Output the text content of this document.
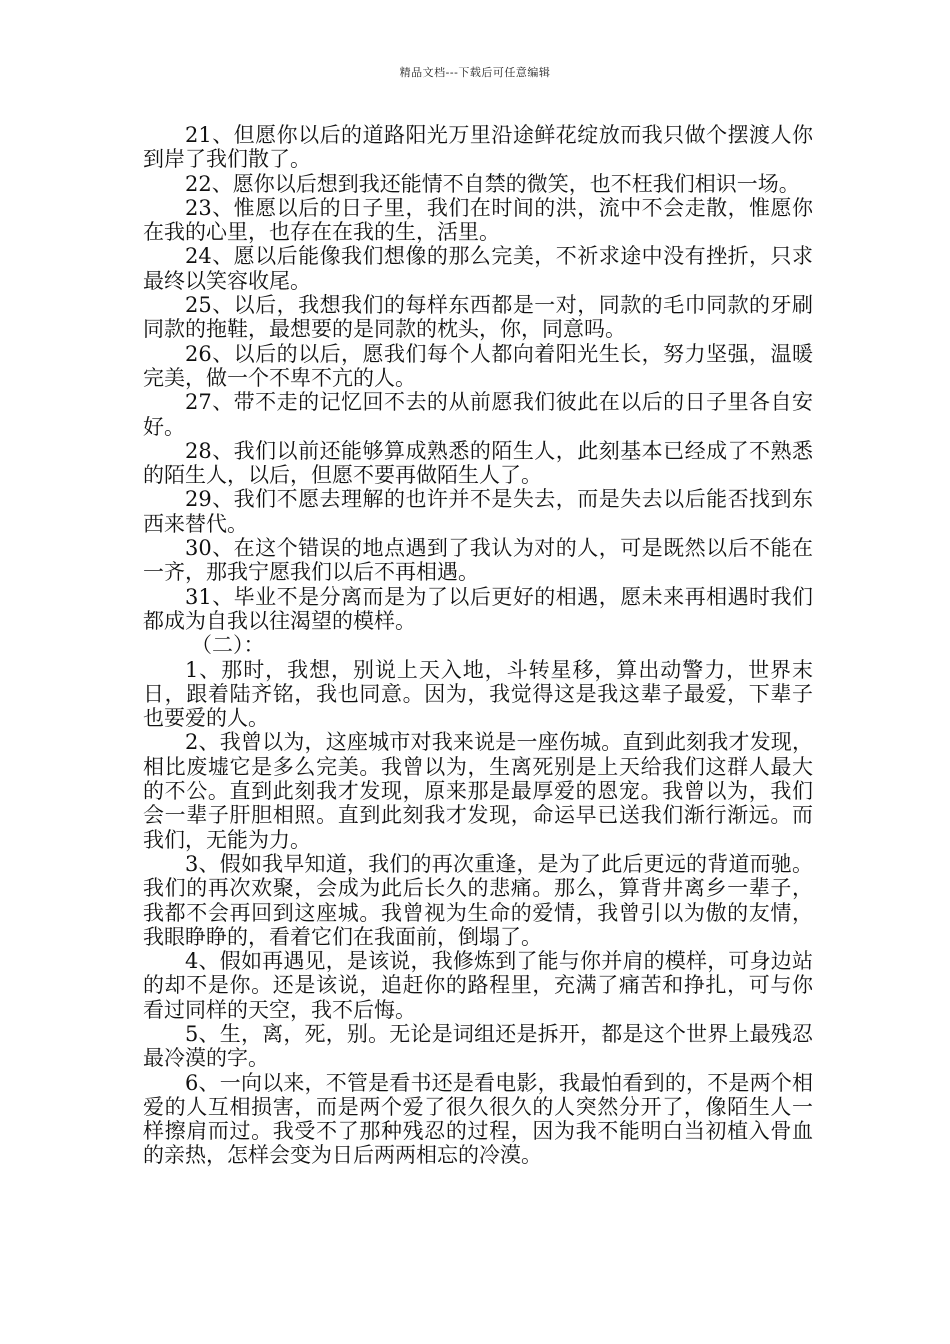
精品文档---下载后可任意编辑

21、但愿你以后的道路阳光万里沿途鲜花绽放而我只做个摆渡人你到岸了我们散了。

22、愿你以后想到我还能情不自禁的微笑，也不枉我们相识一场。

23、惟愿以后的日子里，我们在时间的洪，流中不会走散，惟愿你在我的心里，也存在在我的生，活里。

24、愿以后能像我们想像的那么完美，不祈求途中没有挫折，只求最终以笑容收尾。

25、以后，我想我们的每样东西都是一对，同款的毛巾同款的牙刷同款的拖鞋，最想要的是同款的枕头，你，同意吗。

26、以后的以后，愿我们每个人都向着阳光生长，努力坚强，温暖完美，做一个不卑不亢的人。

27、带不走的记忆回不去的从前愿我们彼此在以后的日子里各自安好。

28、我们以前还能够算成熟悉的陌生人，此刻基本已经成了不熟悉的陌生人，以后，但愿不要再做陌生人了。

29、我们不愿去理解的也许并不是失去，而是失去以后能否找到东西来替代。

30、在这个错误的地点遇到了我认为对的人，可是既然以后不能在一齐，那我宁愿我们以后不再相遇。

31、毕业不是分离而是为了以后更好的相遇，愿未来再相遇时我们都成为自我以往渴望的模样。

（二）：

1、那时，我想，别说上天入地，斗转星移，算出动警力，世界末日，跟着陆齐铭，我也同意。因为，我觉得这是我这辈子最爱，下辈子也要爱的人。

2、我曾以为，这座城市对我来说是一座伤城。直到此刻我才发现，相比废墟它是多么完美。我曾以为，生离死别是上天给我们这群人最大的不公。直到此刻我才发现，原来那是最厚爱的恩宠。我曾以为，我们会一辈子肝胆相照。直到此刻我才发现，命运早已送我们渐行渐远。而我们，无能为力。

3、假如我早知道，我们的再次重逢，是为了此后更远的背道而驰。我们的再次欢聚，会成为此后长久的悲痛。那么，算背井离乡一辈子，我都不会再回到这座城。我曾视为生命的爱情，我曾引以为傲的友情，我眼睁睁的，看着它们在我面前，倒塌了。

4、假如再遇见，是该说，我修炼到了能与你并肩的模样，可身边站的却不是你。还是该说，追赶你的路程里，充满了痛苦和挣扎，可与你看过同样的天空，我不后悔。

5、生，离，死，别。无论是词组还是拆开，都是这个世界上最残忍最冷漠的字。

6、一向以来，不管是看书还是看电影，我最怕看到的，不是两个相爱的人互相损害，而是两个爱了很久很久的人突然分开了，像陌生人一样擦肩而过。我受不了那种残忍的过程，因为我不能明白当初植入骨血的亲热，怎样会变为日后两两相忘的冷漠。
